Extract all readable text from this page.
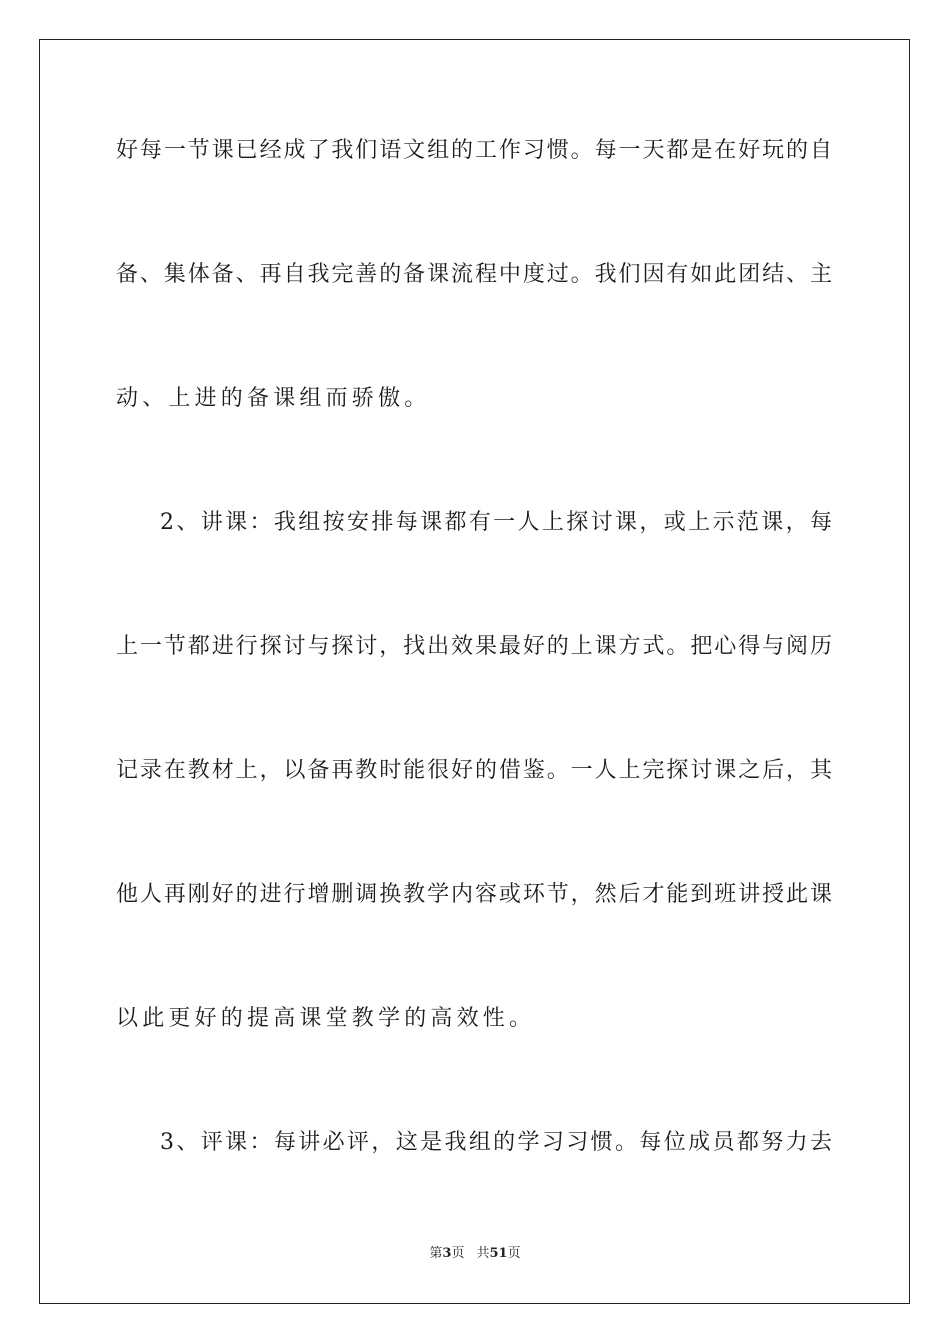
好每一节课已经成了我们语文组的工作习惯。每一天都是在好玩的自
备、集体备、再自我完善的备课流程中度过。我们因有如此团结、主
动、上进的备课组而骄傲。
2、讲课：我组按安排每课都有一人上探讨课，或上示范课，每
上一节都进行探讨与探讨，找出效果最好的上课方式。把心得与阅历
记录在教材上，以备再教时能很好的借鉴。一人上完探讨课之后，其
他人再刚好的进行增删调换教学内容或环节，然后才能到班讲授此课
以此更好的提高课堂教学的高效性。
3、评课：每讲必评，这是我组的学习习惯。每位成员都努力去
第3页 共51页
